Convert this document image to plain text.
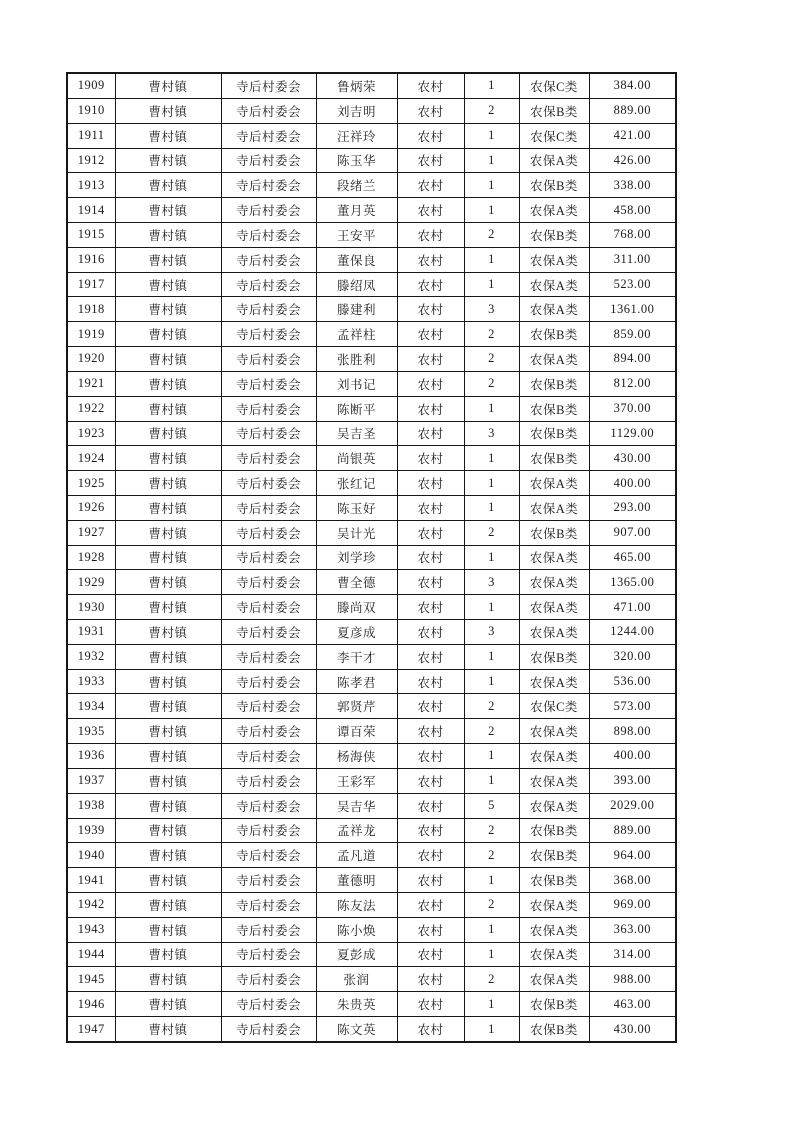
1909	曹村镇	寺后村委会	鲁炳荣	农村	1	农保C类	384.00
1910	曹村镇	寺后村委会	刘吉明	农村	2	农保B类	889.00
1911	曹村镇	寺后村委会	汪祥玲	农村	1	农保C类	421.00
1912	曹村镇	寺后村委会	陈玉华	农村	1	农保A类	426.00
1913	曹村镇	寺后村委会	段绪兰	农村	1	农保B类	338.00
1914	曹村镇	寺后村委会	董月英	农村	1	农保A类	458.00
1915	曹村镇	寺后村委会	王安平	农村	2	农保B类	768.00
1916	曹村镇	寺后村委会	董保良	农村	1	农保A类	311.00
1917	曹村镇	寺后村委会	滕绍凤	农村	1	农保A类	523.00
1918	曹村镇	寺后村委会	滕建利	农村	3	农保A类	1361.00
1919	曹村镇	寺后村委会	孟祥柱	农村	2	农保B类	859.00
1920	曹村镇	寺后村委会	张胜利	农村	2	农保A类	894.00
1921	曹村镇	寺后村委会	刘书记	农村	2	农保B类	812.00
1922	曹村镇	寺后村委会	陈断平	农村	1	农保B类	370.00
1923	曹村镇	寺后村委会	吴吉圣	农村	3	农保B类	1129.00
1924	曹村镇	寺后村委会	尚银英	农村	1	农保B类	430.00
1925	曹村镇	寺后村委会	张红记	农村	1	农保A类	400.00
1926	曹村镇	寺后村委会	陈玉好	农村	1	农保A类	293.00
1927	曹村镇	寺后村委会	吴计光	农村	2	农保B类	907.00
1928	曹村镇	寺后村委会	刘学珍	农村	1	农保A类	465.00
1929	曹村镇	寺后村委会	曹全德	农村	3	农保A类	1365.00
1930	曹村镇	寺后村委会	滕尚双	农村	1	农保A类	471.00
1931	曹村镇	寺后村委会	夏彦成	农村	3	农保A类	1244.00
1932	曹村镇	寺后村委会	李干才	农村	1	农保B类	320.00
1933	曹村镇	寺后村委会	陈孝君	农村	1	农保A类	536.00
1934	曹村镇	寺后村委会	郭贤芹	农村	2	农保C类	573.00
1935	曹村镇	寺后村委会	谭百荣	农村	2	农保A类	898.00
1936	曹村镇	寺后村委会	杨海侠	农村	1	农保A类	400.00
1937	曹村镇	寺后村委会	王彩军	农村	1	农保A类	393.00
1938	曹村镇	寺后村委会	吴吉华	农村	5	农保A类	2029.00
1939	曹村镇	寺后村委会	孟祥龙	农村	2	农保B类	889.00
1940	曹村镇	寺后村委会	孟凡道	农村	2	农保B类	964.00
1941	曹村镇	寺后村委会	董德明	农村	1	农保B类	368.00
1942	曹村镇	寺后村委会	陈友法	农村	2	农保A类	969.00
1943	曹村镇	寺后村委会	陈小焕	农村	1	农保A类	363.00
1944	曹村镇	寺后村委会	夏彭成	农村	1	农保A类	314.00
1945	曹村镇	寺后村委会	张润	农村	2	农保A类	988.00
1946	曹村镇	寺后村委会	朱贵英	农村	1	农保B类	463.00
1947	曹村镇	寺后村委会	陈文英	农村	1	农保B类	430.00
